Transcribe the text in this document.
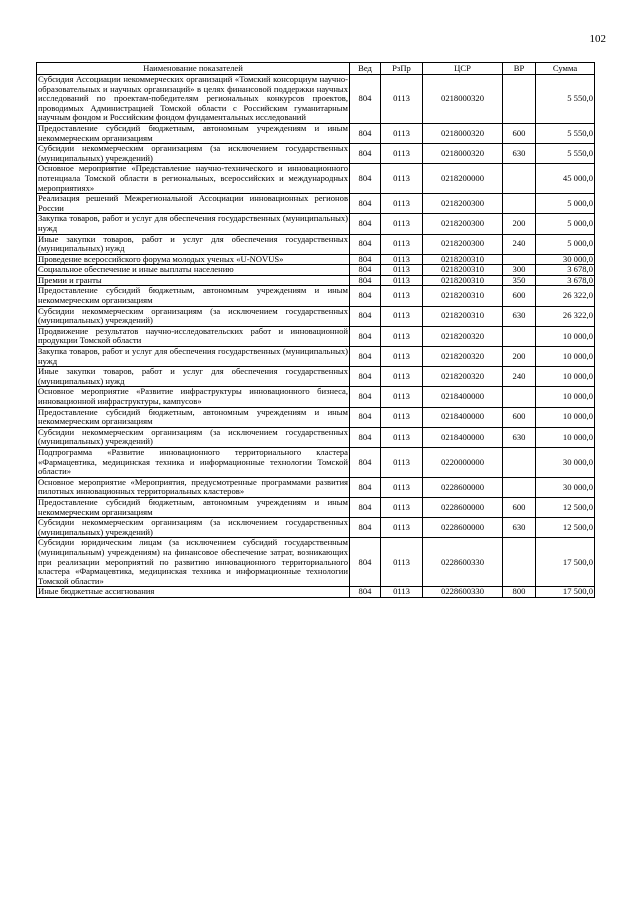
102
Наименование показателей	Вед	РзПр	ЦСР	ВР	Сумма
Субсидия Ассоциации некоммерческих организаций «Томский консорциум научно-образовательных и научных организаций» в целях финансовой поддержки научных исследований по проектам-победителям региональных конкурсов проектов, проводимых Администрацией Томской области с Российским гуманитарным научным фондом и Российским фондом фундаментальных исследований	804	0113	0218000320		5 550,0
Предоставление субсидий бюджетным, автономным учреждениям и иным некоммерческим организациям	804	0113	0218000320	600	5 550,0
Субсидии некоммерческим организациям (за исключением государственных (муниципальных) учреждений)	804	0113	0218000320	630	5 550,0
Основное мероприятие «Представление научно-технического и инновационного потенциала Томской области в региональных, всероссийских и международных мероприятиях»	804	0113	0218200000		45 000,0
Реализация решений Межрегиональной Ассоциации инновационных регионов России	804	0113	0218200300		5 000,0
Закупка товаров, работ и услуг для обеспечения государственных (муниципальных) нужд	804	0113	0218200300	200	5 000,0
Иные закупки товаров, работ и услуг для обеспечения государственных (муниципальных) нужд	804	0113	0218200300	240	5 000,0
Проведение всероссийского форума молодых ученых «U-NOVUS»	804	0113	0218200310		30 000,0
Социальное обеспечение и иные выплаты населению	804	0113	0218200310	300	3 678,0
Премии и гранты	804	0113	0218200310	350	3 678,0
Предоставление субсидий бюджетным, автономным учреждениям и иным некоммерческим организациям	804	0113	0218200310	600	26 322,0
Субсидии некоммерческим организациям (за исключением государственных (муниципальных) учреждений)	804	0113	0218200310	630	26 322,0
Продвижение результатов научно-исследовательских работ и инновационной продукции Томской области	804	0113	0218200320		10 000,0
Закупка товаров, работ и услуг для обеспечения государственных (муниципальных) нужд	804	0113	0218200320	200	10 000,0
Иные закупки товаров, работ и услуг для обеспечения государственных (муниципальных) нужд	804	0113	0218200320	240	10 000,0
Основное мероприятие «Развитие инфраструктуры инновационного бизнеса, инновационной инфраструктуры, кампусов»	804	0113	0218400000		10 000,0
Предоставление субсидий бюджетным, автономным учреждениям и иным некоммерческим организациям	804	0113	0218400000	600	10 000,0
Субсидии некоммерческим организациям (за исключением государственных (муниципальных) учреждений)	804	0113	0218400000	630	10 000,0
Подпрограмма «Развитие инновационного территориального кластера «Фармацевтика, медицинская техника и информационные технологии Томской области»	804	0113	0220000000		30 000,0
Основное мероприятие «Мероприятия, предусмотренные программами развития пилотных инновационных территориальных кластеров»	804	0113	0228600000		30 000,0
Предоставление субсидий бюджетным, автономным учреждениям и иным некоммерческим организациям	804	0113	0228600000	600	12 500,0
Субсидии некоммерческим организациям (за исключением государственных (муниципальных) учреждений)	804	0113	0228600000	630	12 500,0
Субсидии юридическим лицам (за исключением субсидий государственным (муниципальным) учреждениям) на финансовое обеспечение затрат, возникающих при реализации мероприятий по развитию инновационного территориального кластера «Фармацевтика, медицинская техника и информационные технологии Томской области»	804	0113	0228600330		17 500,0
Иные бюджетные ассигнования	804	0113	0228600330	800	17 500,0
